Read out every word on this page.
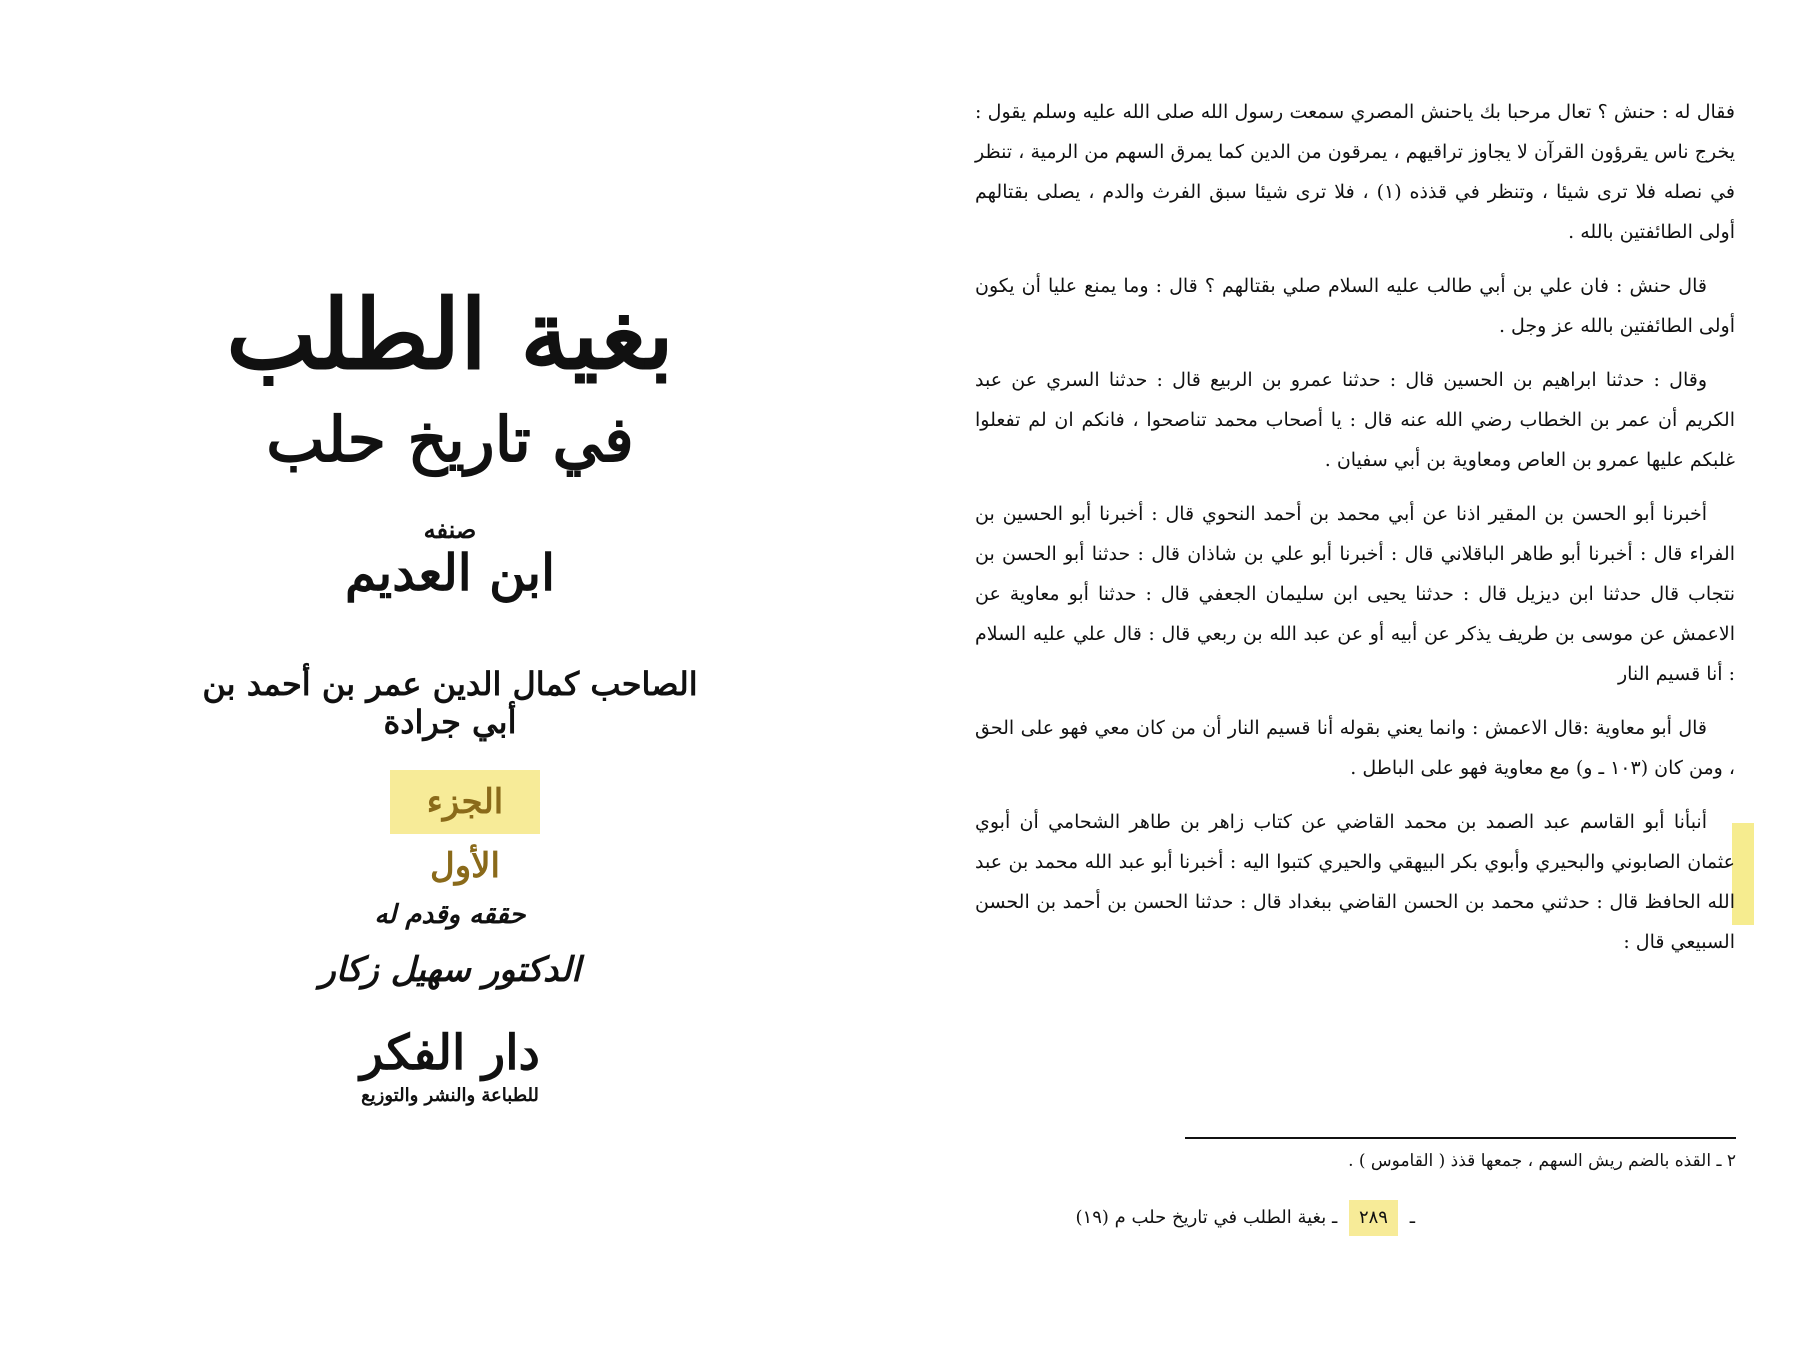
بغية الطلب
في تاريخ حلب
صنفه
ابن العديم
الصاحب كمال الدين عمر بن أحمد بن أبي جرادة
الجزء الأول
حققه وقدم له
الدكتور سهيل زكار
دار الفكر
للطباعة والنشر والتوزيع

فقال له : حنش ؟ تعال مرحبا بك ياحنش المصري سمعت رسول الله صلى الله عليه وسلم يقول : يخرج ناس يقرؤون القرآن لا يجاوز تراقيهم ، يمرقون من الدين كما يمرق السهم من الرمية ، تنظر في نصله فلا ترى شيئا ، وتنظر في قذذه (١) ، فلا ترى شيئا سبق الفرث والدم ، يصلى بقتالهم أولى الطائفتين بالله .

قال حنش : فان علي بن أبي طالب عليه السلام صلي بقتالهم ؟ قال : وما يمنع عليا أن يكون أولى الطائفتين بالله عز وجل .

وقال : حدثنا ابراهيم بن الحسين قال : حدثنا عمرو بن الربيع قال : حدثنا السري عن عبد الكريم أن عمر بن الخطاب رضي الله عنه قال : يا أصحاب محمد تناصحوا ، فانكم ان لم تفعلوا غلبكم عليها عمرو بن العاص ومعاوية بن أبي سفيان .

أخبرنا أبو الحسن بن المقير اذنا عن أبي محمد بن أحمد النحوي قال : أخبرنا أبو الحسين بن الفراء قال : أخبرنا أبو طاهر الباقلاني قال : أخبرنا أبو علي بن شاذان قال : حدثنا أبو الحسن بن نتجاب قال حدثنا ابن ديزيل قال : حدثنا يحيى ابن سليمان الجعفي قال : حدثنا أبو معاوية عن الاعمش عن موسى بن طريف يذكر عن أبيه أو عن عبد الله بن ربعي قال : قال علي عليه السلام : أنا قسيم النار

قال أبو معاوية :قال الاعمش : وانما يعني بقوله أنا قسيم النار أن من كان معي فهو على الحق ، ومن كان (١٠٣ ـ و) مع معاوية فهو على الباطل .

أنبأنا أبو القاسم عبد الصمد بن محمد القاضي عن كتاب زاهر بن طاهر الشحامي أن أبوي عثمان الصابوني والبحيري وأبوي بكر البيهقي والحيري كتبوا اليه : أخبرنا أبو عبد الله محمد بن عبد الله الحافظ قال : حدثني محمد بن الحسن القاضي ببغداد قال : حدثنا الحسن بن أحمد بن الحسن السبيعي قال :

٢ ـ القذه بالضم ريش السهم ، جمعها قذذ ( القاموس ) .
ـ ٢٨٩ ـ بغية الطلب في تاريخ حلب م (١٩)
